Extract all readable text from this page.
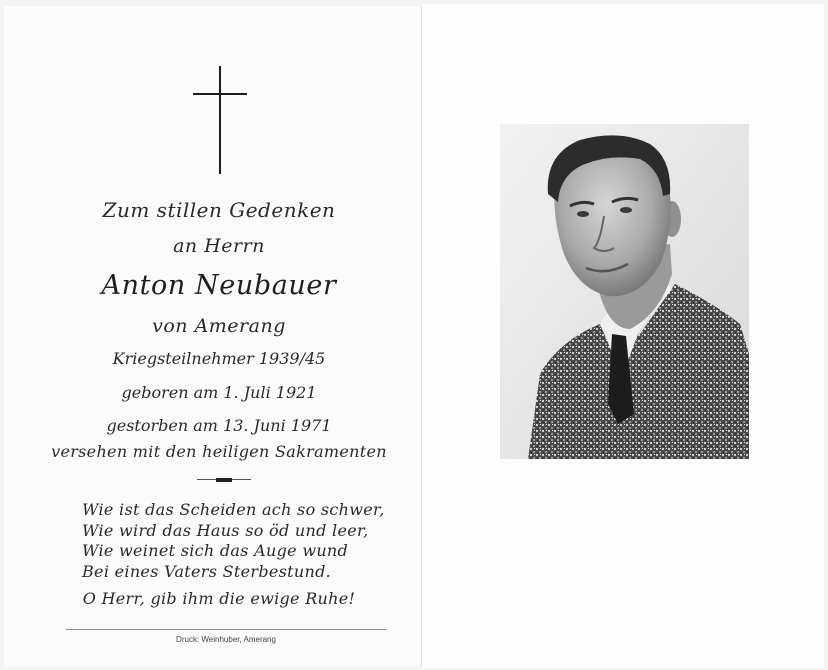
Zum stillen Gedenken
an Herrn
Anton Neubauer
von Amerang
Kriegsteilnehmer 1939/45
geboren am 1. Juli 1921
gestorben am 13. Juni 1971
versehen mit den heiligen Sakramenten
Wie ist das Scheiden ach so schwer,
Wie wird das Haus so öd und leer,
Wie weinet sich das Auge wund
Bei eines Vaters Sterbestund.
O Herr, gib ihm die ewige Ruhe!
Druck: Weinhuber, Amerang
